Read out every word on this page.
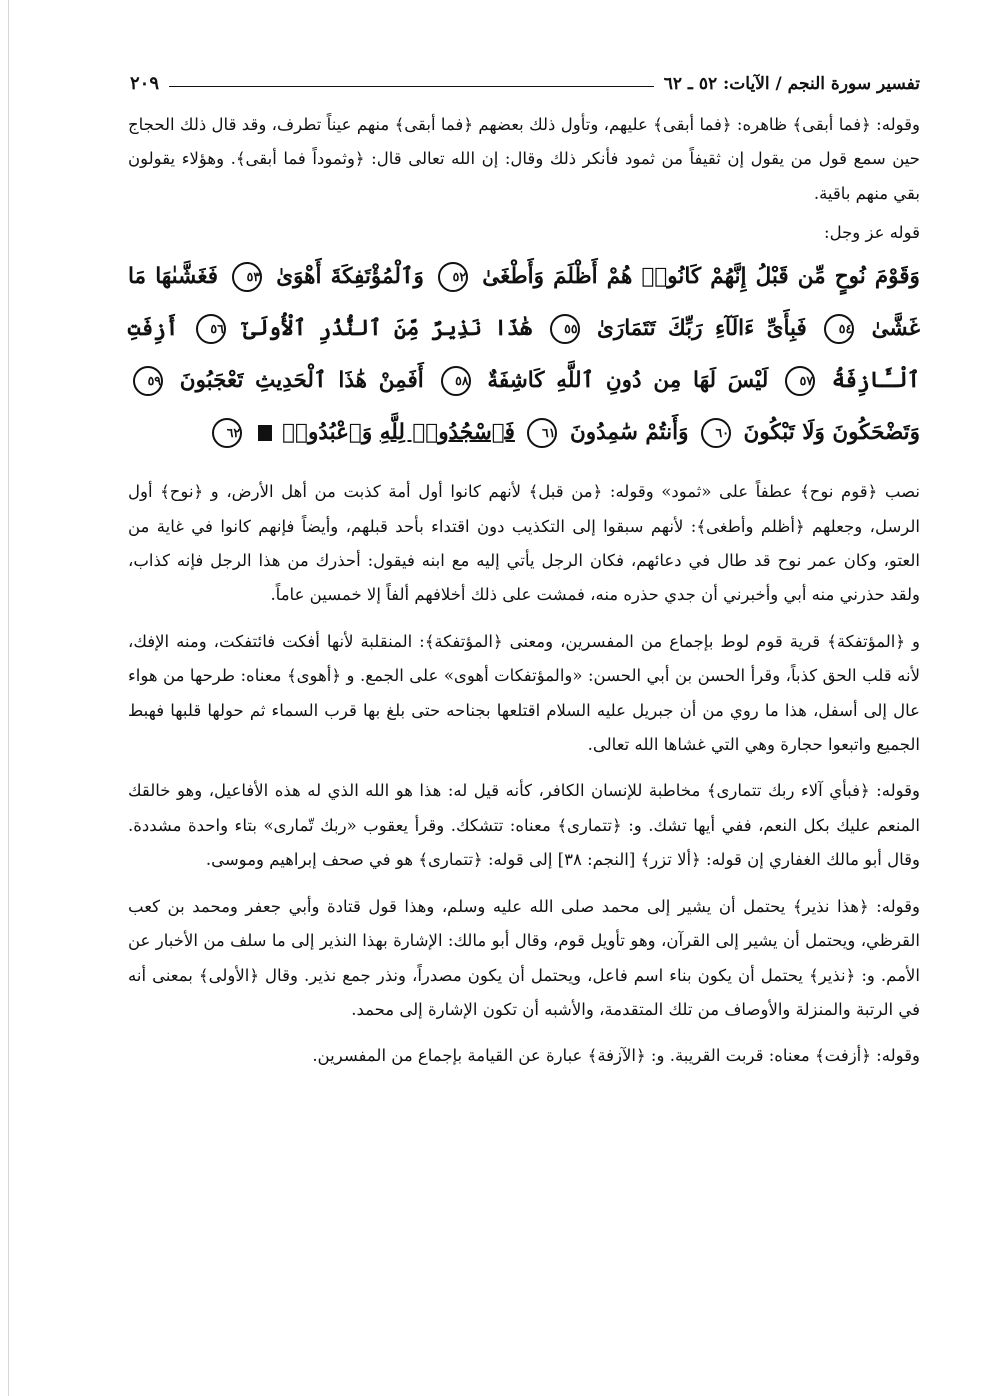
تفسير سورة النجم / الآيات: ٥٢ ـ ٦٢
٢٠٩

وقوله: ﴿فما أبقى﴾ ظاهره: ﴿فما أبقى﴾ عليهم، وتأول ذلك بعضهم ﴿فما أبقى﴾ منهم عيناً تطرف، وقد قال ذلك الحجاج حين سمع قول من يقول إن ثقيفاً من ثمود فأنكر ذلك وقال: إن الله تعالى قال: ﴿وثموداً فما أبقى﴾. وهؤلاء يقولون بقي منهم باقية.

قوله عز وجل:

وَقَوْمَ نُوحٍ مِّن قَبْلُ إِنَّهُمْ كَانُوا۟ هُمْ أَظْلَمَ وَأَطْغَىٰ ٥٢ وَٱلْمُؤْتَفِكَةَ أَهْوَىٰ ٥٣ فَغَشَّىٰهَا مَا غَشَّىٰ ٥٤ فَبِأَىِّ ءَالَآءِ رَبِّكَ تَتَمَارَىٰ ٥٥ هَٰذَا نَذِيرٌ مِّنَ ٱلنُّذُرِ ٱلْأُولَىٰٓ ٥٦ أَزِفَتِ ٱلْـَٔازِفَةُ ٥٧ لَيْسَ لَهَا مِن دُونِ ٱللَّهِ كَاشِفَةٌ ٥٨ أَفَمِنْ هَٰذَا ٱلْحَدِيثِ تَعْجَبُونَ ٥٩ وَتَضْحَكُونَ وَلَا تَبْكُونَ ٦٠ وَأَنتُمْ سَٰمِدُونَ ٦١ فَٱسْجُدُوا۟ لِلَّهِ وَٱعْبُدُوا۟  ٦٢

نصب ﴿قوم نوح﴾ عطفاً على «ثمود» وقوله: ﴿من قبل﴾ لأنهم كانوا أول أمة كذبت من أهل الأرض، و ﴿نوح﴾ أول الرسل، وجعلهم ﴿أظلم وأطغى﴾: لأنهم سبقوا إلى التكذيب دون اقتداء بأحد قبلهم، وأيضاً فإنهم كانوا في غاية من العتو، وكان عمر نوح قد طال في دعائهم، فكان الرجل يأتي إليه مع ابنه فيقول: أحذرك من هذا الرجل فإنه كذاب، ولقد حذرني منه أبي وأخبرني أن جدي حذره منه، فمشت على ذلك أخلافهم ألفاً إلا خمسين عاماً.

و ﴿المؤتفكة﴾ قرية قوم لوط بإجماع من المفسرين، ومعنى ﴿المؤتفكة﴾: المنقلبة لأنها أفكت فائتفكت، ومنه الإفك، لأنه قلب الحق كذباً، وقرأ الحسن بن أبي الحسن: «والمؤتفكات أهوى» على الجمع. و ﴿أهوى﴾ معناه: طرحها من هواء عال إلى أسفل، هذا ما روي من أن جبريل عليه السلام اقتلعها بجناحه حتى بلغ بها قرب السماء ثم حولها قلبها فهبط الجميع واتبعوا حجارة وهي التي غشاها الله تعالى.

وقوله: ﴿فبأي آلاء ربك تتمارى﴾ مخاطبة للإنسان الكافر، كأنه قيل له: هذا هو الله الذي له هذه الأفاعيل، وهو خالقك المنعم عليك بكل النعم، ففي أيها تشك. و: ﴿تتمارى﴾ معناه: تتشكك. وقرأ يعقوب «ربك تّمارى» بتاء واحدة مشددة. وقال أبو مالك الغفاري إن قوله: ﴿ألا تزر﴾ [النجم: ٣٨] إلى قوله: ﴿تتمارى﴾ هو في صحف إبراهيم وموسى.

وقوله: ﴿هذا نذير﴾ يحتمل أن يشير إلى محمد صلى الله عليه وسلم، وهذا قول قتادة وأبي جعفر ومحمد بن كعب القرظي، ويحتمل أن يشير إلى القرآن، وهو تأويل قوم، وقال أبو مالك: الإشارة بهذا النذير إلى ما سلف من الأخبار عن الأمم. و: ﴿نذير﴾ يحتمل أن يكون بناء اسم فاعل، ويحتمل أن يكون مصدراً، ونذر جمع نذير. وقال ﴿الأولى﴾ بمعنى أنه في الرتبة والمنزلة والأوصاف من تلك المتقدمة، والأشبه أن تكون الإشارة إلى محمد.

وقوله: ﴿أزفت﴾ معناه: قربت القريبة. و: ﴿الآزفة﴾ عبارة عن القيامة بإجماع من المفسرين.
